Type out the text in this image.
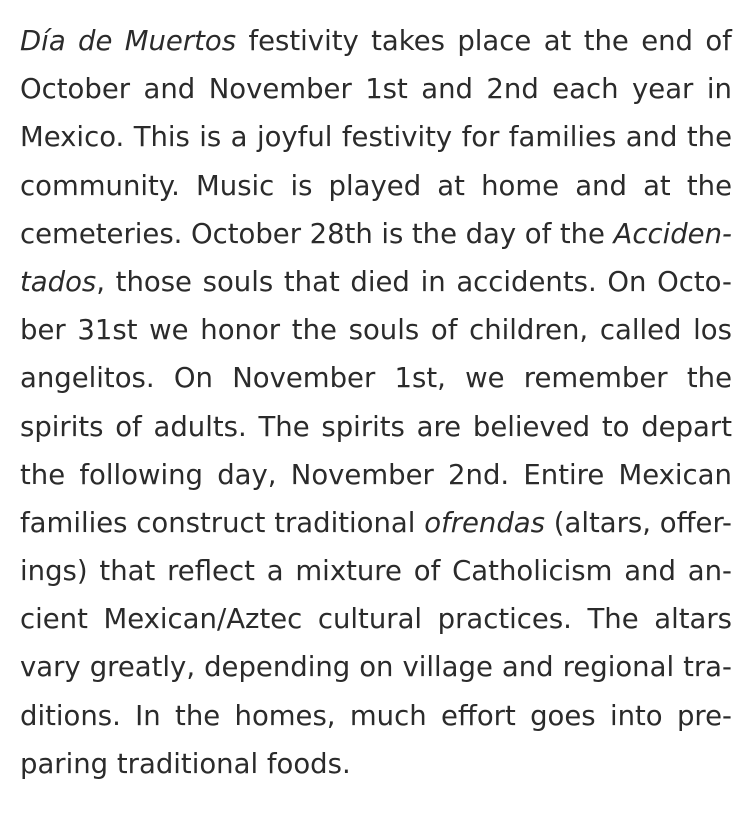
Día de Muertos festivity takes place at the end of
October and November 1st and 2nd each year in
Mexico. This is a joyful festivity for families and the
community. Music is played at home and at the
cemeteries. October 28th is the day of the Acciden-
tados, those souls that died in accidents. On Octo-
ber 31st we honor the souls of children, called los
angelitos. On November 1st, we remember the
spirits of adults. The spirits are believed to depart
the following day, November 2nd. Entire Mexican
families construct traditional ofrendas (altars, offer-
ings) that reflect a mixture of Catholicism and an-
cient Mexican/Aztec cultural practices. The altars
vary greatly, depending on village and regional tra-
ditions. In the homes, much effort goes into pre-
paring traditional foods.
